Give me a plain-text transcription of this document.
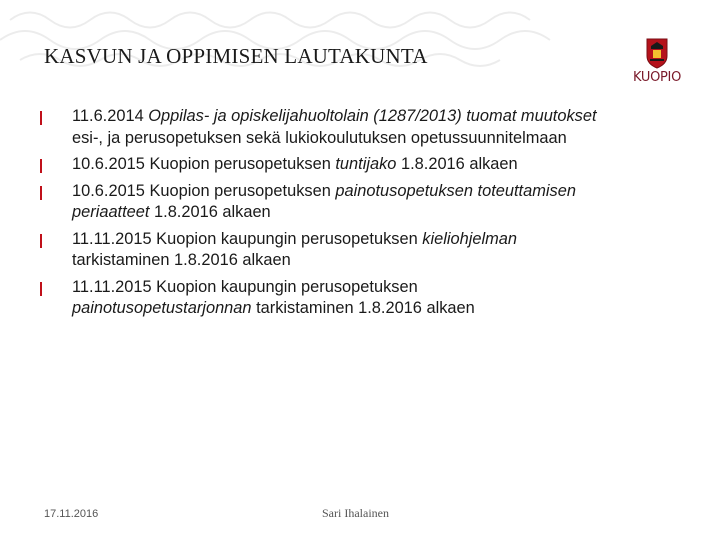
KASVUN JA OPPIMISEN LAUTAKUNTA
KUOPIO
11.6.2014 Oppilas- ja opiskelijahuoltolain (1287/2013) tuomat muutokset esi-, ja perusopetuksen sekä lukiokoulutuksen opetussuunnitelmaan
10.6.2015 Kuopion perusopetuksen tuntijako 1.8.2016 alkaen
10.6.2015 Kuopion perusopetuksen painotusopetuksen toteuttamisen periaatteet 1.8.2016 alkaen
11.11.2015 Kuopion kaupungin perusopetuksen kieliohjelman tarkistaminen 1.8.2016 alkaen
11.11.2015 Kuopion kaupungin perusopetuksen painotusopetustarjonnan tarkistaminen 1.8.2016 alkaen
17.11.2016	Sari Ihalainen
